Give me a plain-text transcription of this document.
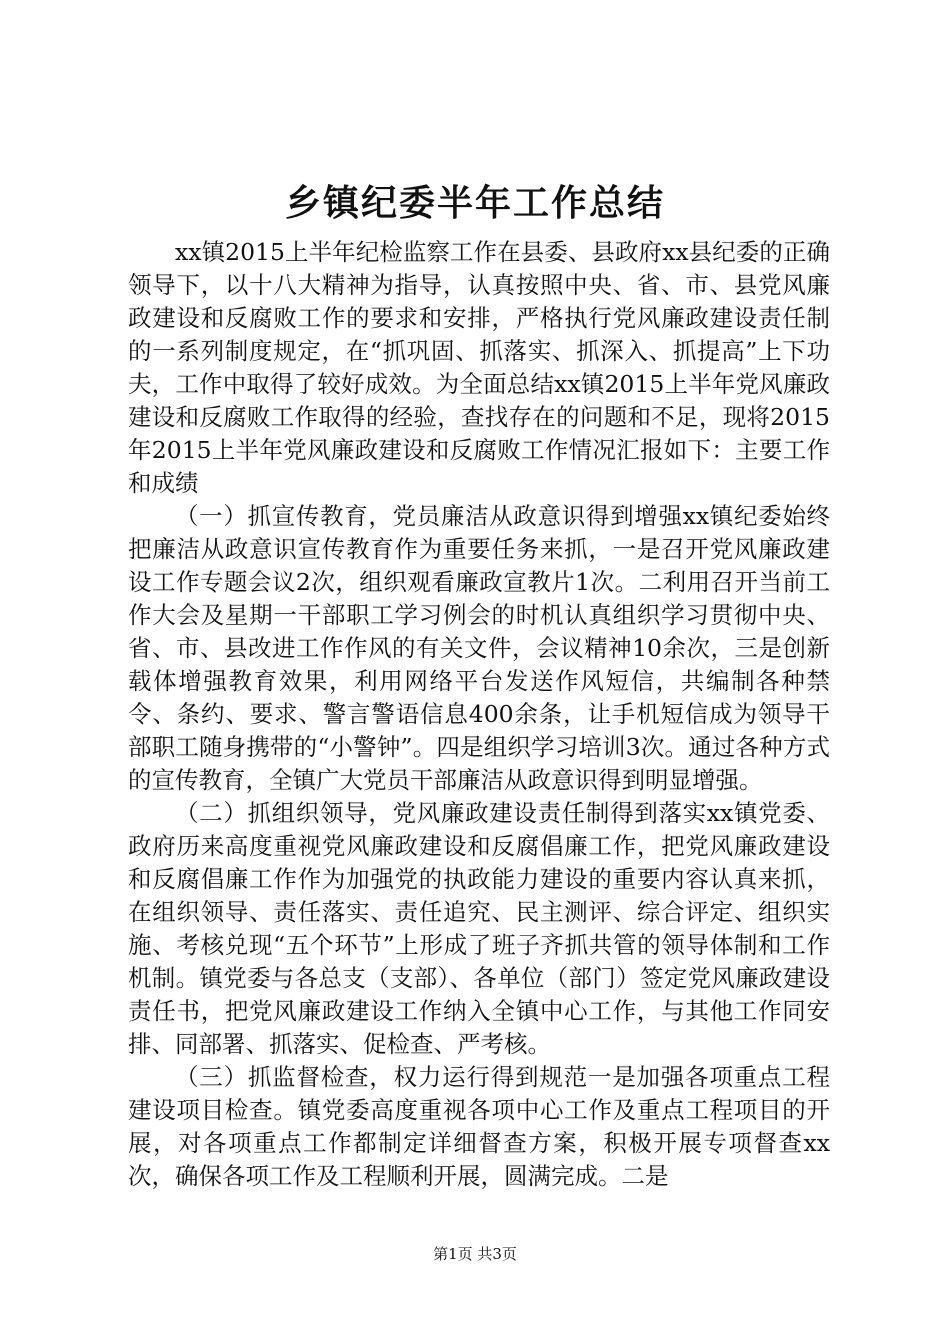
乡镇纪委半年工作总结

xx镇2015上半年纪检监察工作在县委、县政府xx县纪委的正确领导下，以十八大精神为指导，认真按照中央、省、市、县党风廉政建设和反腐败工作的要求和安排，严格执行党风廉政建设责任制的一系列制度规定，在“抓巩固、抓落实、抓深入、抓提高”上下功夫，工作中取得了较好成效。为全面总结xx镇2015上半年党风廉政建设和反腐败工作取得的经验，查找存在的问题和不足，现将2015年2015上半年党风廉政建设和反腐败工作情况汇报如下：主要工作和成绩

（一）抓宣传教育，党员廉洁从政意识得到增强xx镇纪委始终把廉洁从政意识宣传教育作为重要任务来抓，一是召开党风廉政建设工作专题会议2次，组织观看廉政宣教片1次。二利用召开当前工作大会及星期一干部职工学习例会的时机认真组织学习贯彻中央、省、市、县改进工作作风的有关文件，会议精神10余次，三是创新载体增强教育效果，利用网络平台发送作风短信，共编制各种禁令、条约、要求、警言警语信息400余条，让手机短信成为领导干部职工随身携带的“小警钟”。四是组织学习培训3次。通过各种方式的宣传教育，全镇广大党员干部廉洁从政意识得到明显增强。

（二）抓组织领导，党风廉政建设责任制得到落实xx镇党委、政府历来高度重视党风廉政建设和反腐倡廉工作，把党风廉政建设和反腐倡廉工作作为加强党的执政能力建设的重要内容认真来抓，在组织领导、责任落实、责任追究、民主测评、综合评定、组织实施、考核兑现“五个环节”上形成了班子齐抓共管的领导体制和工作机制。镇党委与各总支（支部）、各单位（部门）签定党风廉政建设责任书，把党风廉政建设工作纳入全镇中心工作，与其他工作同安排、同部署、抓落实、促检查、严考核。

（三）抓监督检查，权力运行得到规范一是加强各项重点工程建设项目检查。镇党委高度重视各项中心工作及重点工程项目的开展，对各项重点工作都制定详细督查方案，积极开展专项督查xx次，确保各项工作及工程顺利开展，圆满完成。二是

第1页 共3页
